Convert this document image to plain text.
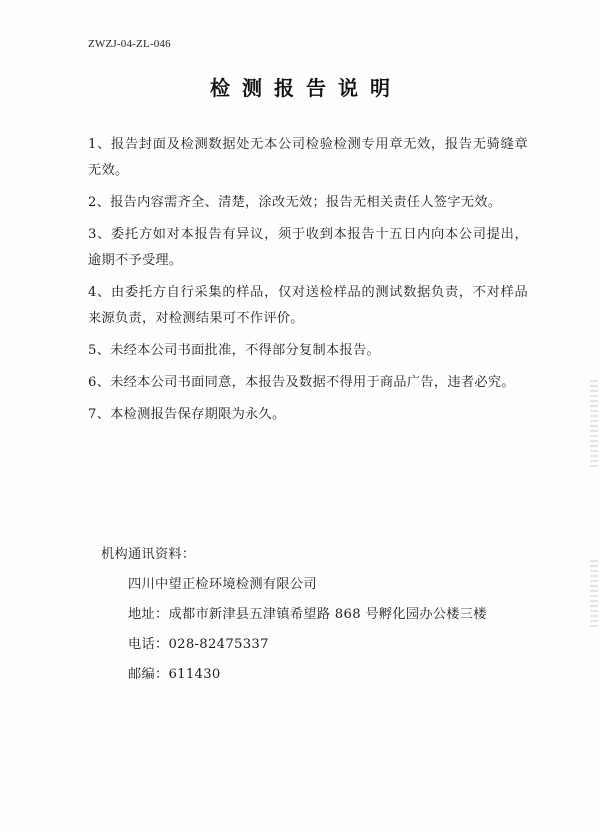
ZWZJ-04-ZL-046
检测报告说明
1、报告封面及检测数据处无本公司检验检测专用章无效，报告无骑缝章无效。
2、报告内容需齐全、清楚，涂改无效；报告无相关责任人签字无效。
3、委托方如对本报告有异议，须于收到本报告十五日内向本公司提出，逾期不予受理。
4、由委托方自行采集的样品，仅对送检样品的测试数据负责，不对样品来源负责，对检测结果可不作评价。
5、未经本公司书面批准，不得部分复制本报告。
6、未经本公司书面同意，本报告及数据不得用于商品广告，违者必究。
7、本检测报告保存期限为永久。
机构通讯资料：
四川中望正检环境检测有限公司
地址：成都市新津县五津镇希望路 868 号孵化园办公楼三楼
电话：028-82475337
邮编：611430
